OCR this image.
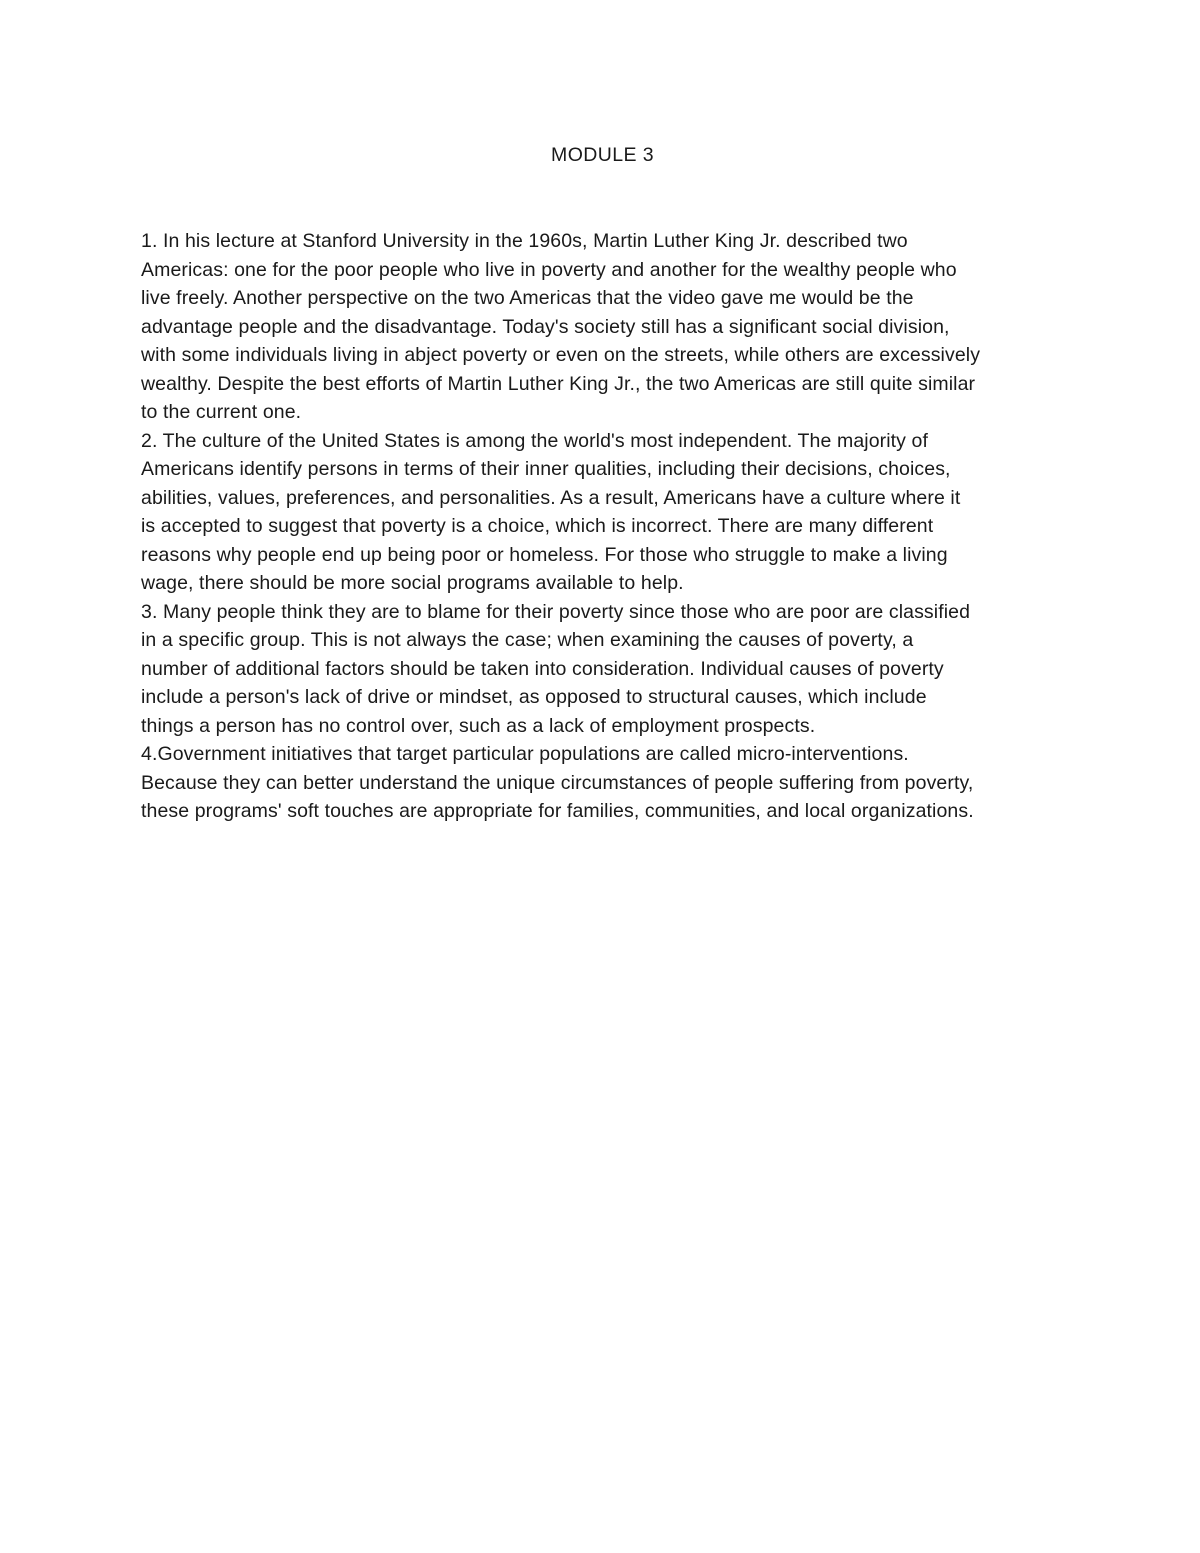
MODULE 3
1. In his lecture at Stanford University in the 1960s, Martin Luther King Jr. described two
Americas: one for the poor people who live in poverty and another for the wealthy people who
live freely. Another perspective on the two Americas that the video gave me would be the
advantage people and the disadvantage. Today's society still has a significant social division,
with some individuals living in abject poverty or even on the streets, while others are excessively
wealthy. Despite the best efforts of Martin Luther King Jr., the two Americas are still quite similar
to the current one.
2. The culture of the United States is among the world's most independent. The majority of
Americans identify persons in terms of their inner qualities, including their decisions, choices,
abilities, values, preferences, and personalities. As a result, Americans have a culture where it
is accepted to suggest that poverty is a choice, which is incorrect. There are many different
reasons why people end up being poor or homeless. For those who struggle to make a living
wage, there should be more social programs available to help.
3. Many people think they are to blame for their poverty since those who are poor are classified
in a specific group. This is not always the case; when examining the causes of poverty, a
number of additional factors should be taken into consideration. Individual causes of poverty
include a person's lack of drive or mindset, as opposed to structural causes, which include
things a person has no control over, such as a lack of employment prospects.
4.Government initiatives that target particular populations are called micro-interventions.
Because they can better understand the unique circumstances of people suffering from poverty,
these programs' soft touches are appropriate for families, communities, and local organizations.
